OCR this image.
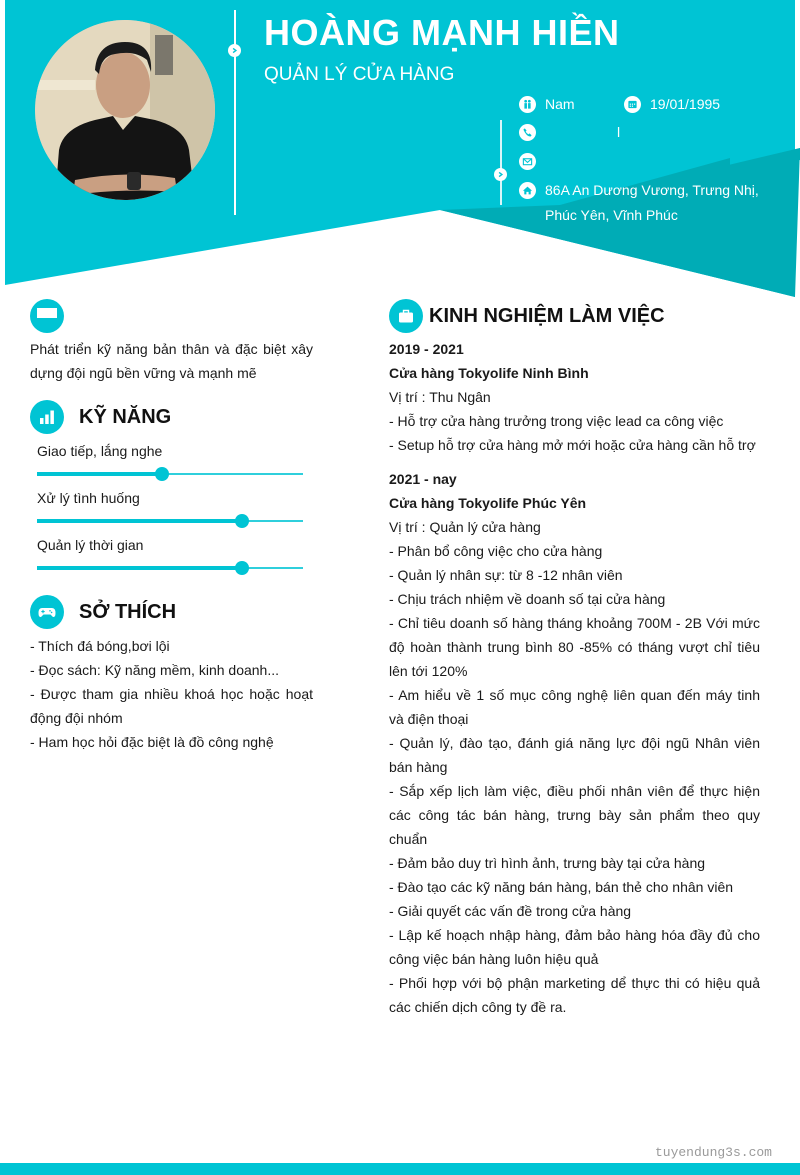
HOÀNG MẠNH HIỀN
QUẢN LÝ CỬA HÀNG
Nam	19/01/1995
l
86A An Dương Vương, Trưng Nhị,
Phúc Yên, Vĩnh Phúc
Phát triển kỹ năng bản thân và đặc biệt xây dựng đội ngũ bền vững và mạnh mẽ
KỸ NĂNG
Giao tiếp, lắng nghe
Xử lý tình huống
Quản lý thời gian
SỞ THÍCH
- Thích đá bóng,bơi lội
- Đọc sách: Kỹ năng mềm, kinh doanh...
- Được tham gia nhiều khoá học hoặc hoạt động đội nhóm
- Ham học hỏi đặc biệt là đồ công nghệ
KINH NGHIỆM LÀM VIỆC
2019 - 2021
Cửa hàng Tokyolife Ninh Bình
Vị trí : Thu Ngân
- Hỗ trợ cửa hàng trưởng trong việc lead ca công việc
- Setup hỗ trợ cửa hàng mở mới hoặc cửa hàng cần hỗ trợ
2021 - nay
Cửa hàng Tokyolife Phúc Yên
Vị trí : Quản lý cửa hàng
- Phân bổ công việc cho cửa hàng
- Quản lý nhân sự: từ 8 -12 nhân viên
- Chịu trách nhiệm về doanh số tại cửa hàng
- Chỉ tiêu doanh số hàng tháng khoảng 700M - 2B Với mức độ hoàn thành trung bình 80 -85% có tháng vượt chỉ tiêu lên tới 120%
- Am hiểu về 1 số mục công nghệ liên quan đến máy tinh và điện thoại
- Quản lý, đào tạo, đánh giá năng lực đội ngũ Nhân viên bán hàng
- Sắp xếp lịch làm việc, điều phối nhân viên để thực hiện các công tác bán hàng, trưng bày sản phẩm theo quy chuẩn
- Đảm bảo duy trì hình ảnh, trưng bày tại cửa hàng
- Đào tạo các kỹ năng bán hàng, bán thẻ cho nhân viên
- Giải quyết các vấn đề trong cửa hàng
- Lập kế hoạch nhập hàng, đảm bảo hàng hóa đầy đủ cho công việc bán hàng luôn hiệu quả
- Phối hợp với bộ phận marketing dể thực thi có hiệu quả các chiến dịch công ty đề ra.
tuyendung3s.com
